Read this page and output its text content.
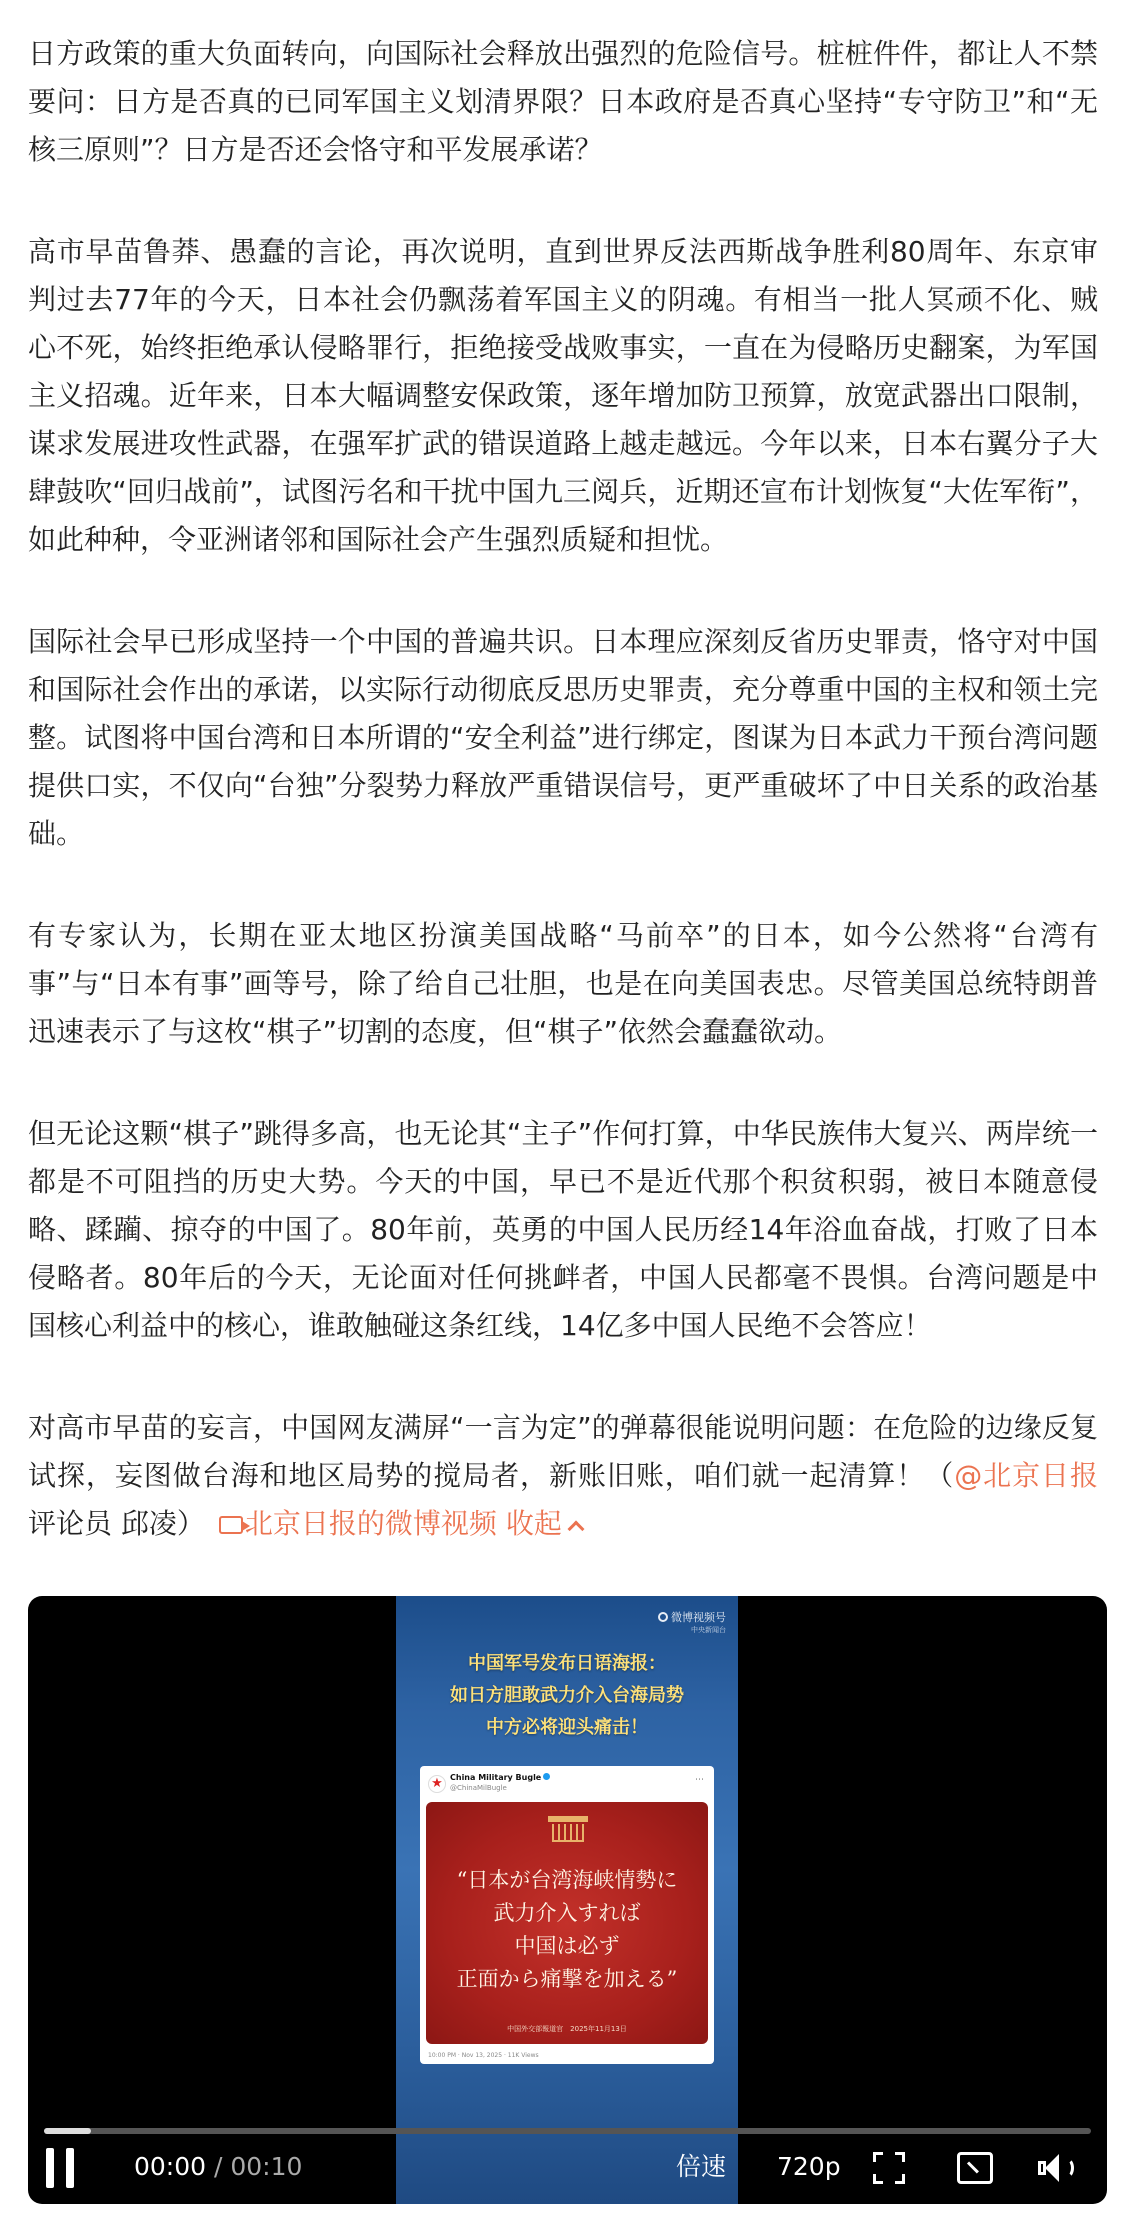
日方政策的重大负面转向，向国际社会释放出强烈的危险信号。桩桩件件，都让人不禁要问：日方是否真的已同军国主义划清界限？日本政府是否真心坚持“专守防卫”和“无核三原则”？日方是否还会恪守和平发展承诺？

高市早苗鲁莽、愚蠢的言论，再次说明，直到世界反法西斯战争胜利80周年、东京审判过去77年的今天，日本社会仍飘荡着军国主义的阴魂。有相当一批人冥顽不化、贼心不死，始终拒绝承认侵略罪行，拒绝接受战败事实，一直在为侵略历史翻案，为军国主义招魂。近年来，日本大幅调整安保政策，逐年增加防卫预算，放宽武器出口限制，谋求发展进攻性武器，在强军扩武的错误道路上越走越远。今年以来，日本右翼分子大肆鼓吹“回归战前”，试图污名和干扰中国九三阅兵，近期还宣布计划恢复“大佐军衔”，如此种种，令亚洲诸邻和国际社会产生强烈质疑和担忧。

国际社会早已形成坚持一个中国的普遍共识。日本理应深刻反省历史罪责，恪守对中国和国际社会作出的承诺，以实际行动彻底反思历史罪责，充分尊重中国的主权和领土完整。试图将中国台湾和日本所谓的“安全利益”进行绑定，图谋为日本武力干预台湾问题提供口实，不仅向“台独”分裂势力释放严重错误信号，更严重破坏了中日关系的政治基础。

有专家认为，长期在亚太地区扮演美国战略“马前卒”的日本，如今公然将“台湾有事”与“日本有事”画等号，除了给自己壮胆，也是在向美国表忠。尽管美国总统特朗普迅速表示了与这枚“棋子”切割的态度，但“棋子”依然会蠢蠢欲动。

但无论这颗“棋子”跳得多高，也无论其“主子”作何打算，中华民族伟大复兴、两岸统一都是不可阻挡的历史大势。今天的中国，早已不是近代那个积贫积弱，被日本随意侵略、蹂躏、掠夺的中国了。80年前，英勇的中国人民历经14年浴血奋战，打败了日本侵略者。80年后的今天，无论面对任何挑衅者，中国人民都毫不畏惧。台湾问题是中国核心利益中的核心，谁敢触碰这条红线，14亿多中国人民绝不会答应！

对高市早苗的妄言，中国网友满屏“一言为定”的弹幕很能说明问题：在危险的边缘反复试探，妄图做台海和地区局势的搅局者，新账旧账，咱们就一起清算！（@北京日报 评论员 邱凌）　 北京日报的微博视频 收起

微博视频号
中央新闻台
中国军号发布日语海报：
如日方胆敢武力介入台海局势
中方必将迎头痛击！
★ China Military Bugle
@ChinaMilBugle
⋯
“日本が台湾海峡情勢に
武力介入すれば
中国は必ず
正面から痛撃を加える”
中国外交部報道官　2025年11月13日
10:00 PM · Nov 13, 2025 · 11K Views
00:00 / 00:10	倍速 720p
